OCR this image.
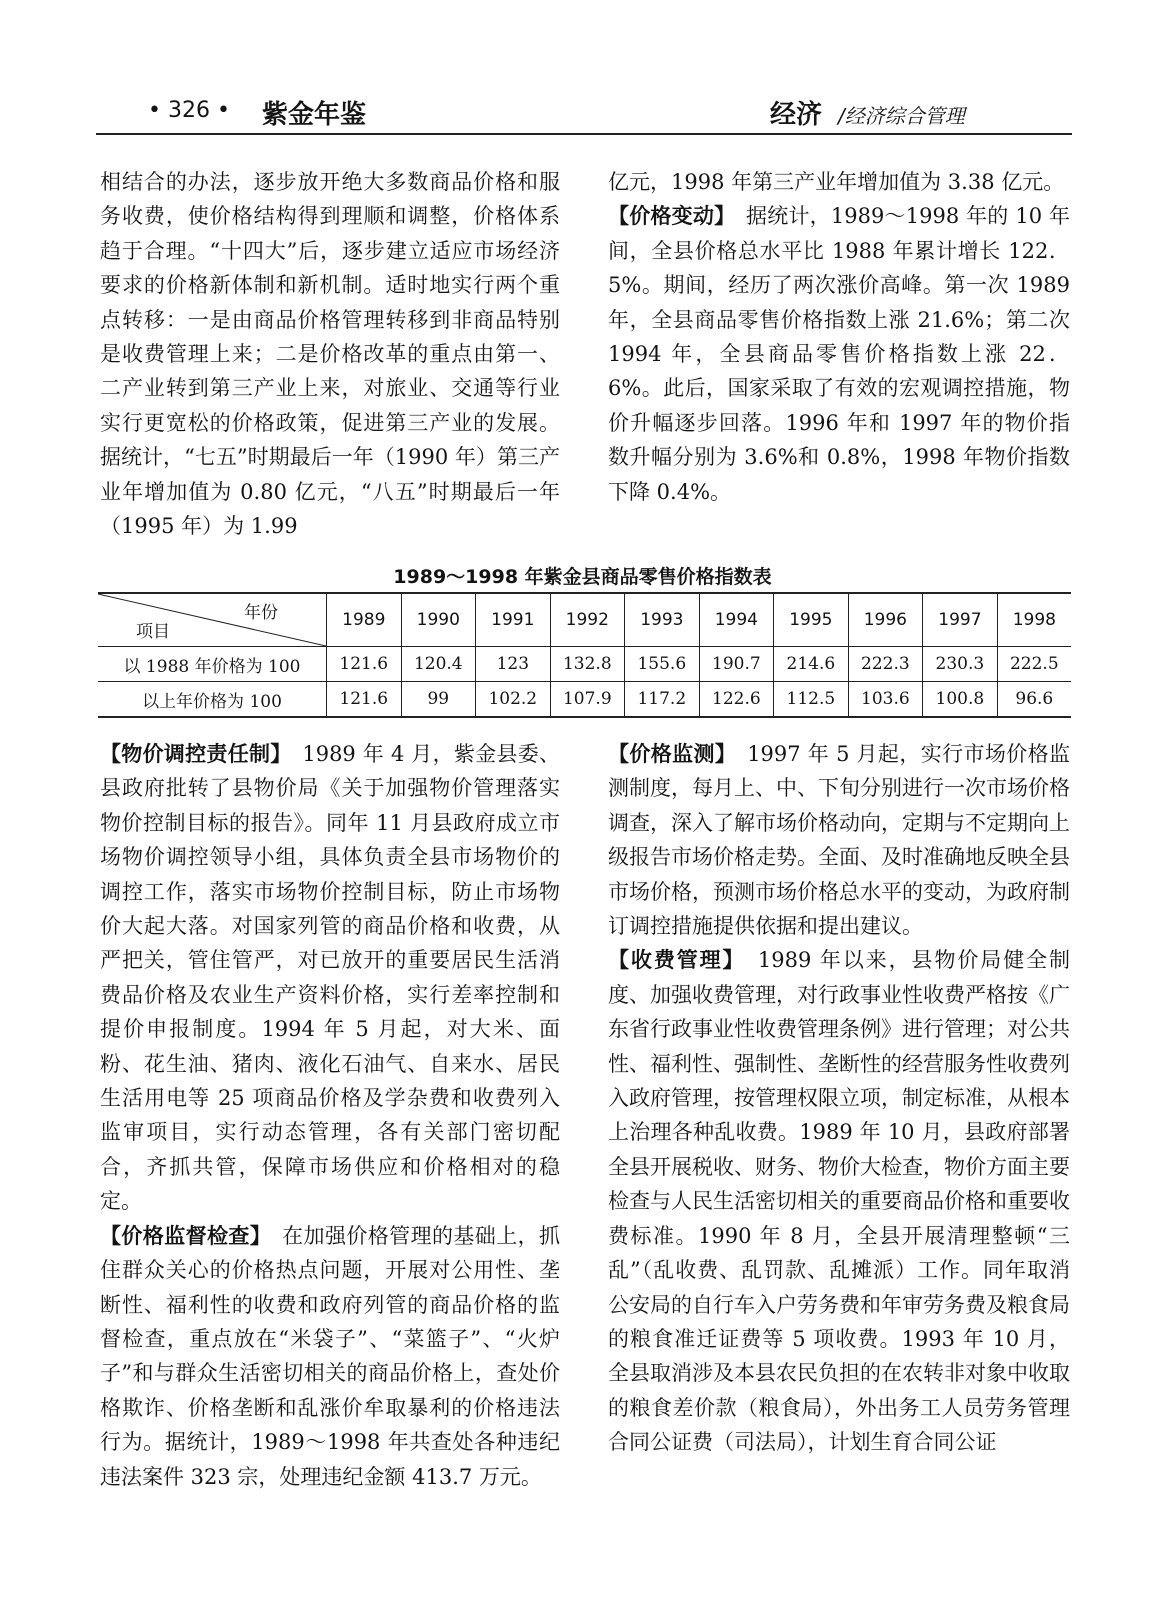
• 326 • 紫金年鉴	经济 /经济综合管理

相结合的办法，逐步放开绝大多数商品价格和服务收费，使价格结构得到理顺和调整，价格体系趋于合理。“十四大”后，逐步建立适应市场经济要求的价格新体制和新机制。适时地实行两个重点转移：一是由商品价格管理转移到非商品特别是收费管理上来；二是价格改革的重点由第一、二产业转到第三产业上来，对旅业、交通等行业实行更宽松的价格政策，促进第三产业的发展。据统计，“七五”时期最后一年（1990 年）第三产业年增加值为 0.80 亿元，“八五”时期最后一年（1995 年）为 1.99

亿元，1998 年第三产业年增加值为 3.38 亿元。

【价格变动】　 据统计，1989～1998 年的 10 年间，全县价格总水平比 1988 年累计增长 122．5%。期间，经历了两次涨价高峰。第一次 1989 年，全县商品零售价格指数上涨 21.6%；第二次 1994 年，全县商品零售价格指数上涨 22．6%。此后，国家采取了有效的宏观调控措施，物价升幅逐步回落。1996 年和 1997 年的物价指数升幅分别为 3.6%和 0.8%，1998 年物价指数下降 0.4%。

1989～1998 年紫金县商品零售价格指数表
年份
项目	1989	1990	1991	1992	1993	1994	1995	1996	1997	1998
以 1988 年价格为 100	121.6	120.4	123	132.8	155.6	190.7	214.6	222.3	230.3	222.5
以上年价格为 100	121.6	99	102.2	107.9	117.2	122.6	112.5	103.6	100.8	96.6

【物价调控责任制】　 1989 年 4 月，紫金县委、县政府批转了县物价局《关于加强物价管理落实物价控制目标的报告》。同年 11 月县政府成立市场物价调控领导小组，具体负责全县市场物价的调控工作，落实市场物价控制目标，防止市场物价大起大落。对国家列管的商品价格和收费，从严把关，管住管严，对已放开的重要居民生活消费品价格及农业生产资料价格，实行差率控制和提价申报制度。1994 年 5 月起，对大米、面粉、花生油、猪肉、液化石油气、自来水、居民生活用电等 25 项商品价格及学杂费和收费列入监审项目，实行动态管理，各有关部门密切配合，齐抓共管，保障市场供应和价格相对的稳定。

【价格监督检查】　 在加强价格管理的基础上，抓住群众关心的价格热点问题，开展对公用性、垄断性、福利性的收费和政府列管的商品价格的监督检查，重点放在“米袋子”、“菜篮子”、“火炉子”和与群众生活密切相关的商品价格上，查处价格欺诈、价格垄断和乱涨价牟取暴利的价格违法行为。据统计，1989～1998 年共查处各种违纪违法案件 323 宗，处理违纪金额 413.7 万元。

【价格监测】　 1997 年 5 月起，实行市场价格监测制度，每月上、中、下旬分别进行一次市场价格调查，深入了解市场价格动向，定期与不定期向上级报告市场价格走势。全面、及时准确地反映全县市场价格，预测市场价格总水平的变动，为政府制订调控措施提供依据和提出建议。

【收费管理】　 1989 年以来，县物价局健全制度、加强收费管理，对行政事业性收费严格按《广东省行政事业性收费管理条例》进行管理；对公共性、福利性、强制性、垄断性的经营服务性收费列入政府管理，按管理权限立项，制定标准，从根本上治理各种乱收费。1989 年 10 月，县政府部署全县开展税收、财务、物价大检查，物价方面主要检查与人民生活密切相关的重要商品价格和重要收费标准。1990 年 8 月，全县开展清理整顿“三乱”（乱收费、乱罚款、乱摊派）工作。同年取消公安局的自行车入户劳务费和年审劳务费及粮食局的粮食准迁证费等 5 项收费。1993 年 10 月，全县取消涉及本县农民负担的在农转非对象中收取的粮食差价款（粮食局），外出务工人员劳务管理合同公证费（司法局），计划生育合同公证
